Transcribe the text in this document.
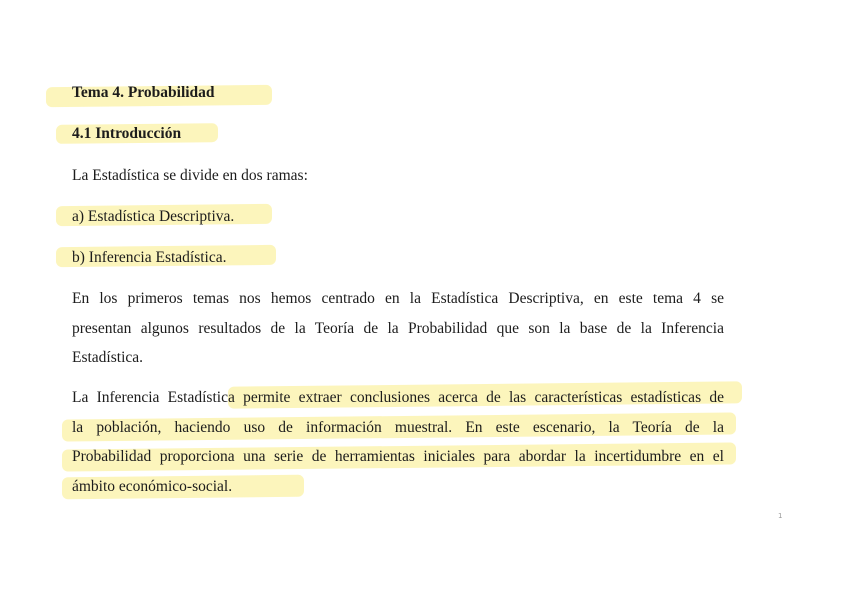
Tema 4. Probabilidad
4.1 Introducción
La Estadística se divide en dos ramas:
a) Estadística Descriptiva.
b) Inferencia Estadística.
En los primeros temas nos hemos centrado en la Estadística Descriptiva, en este tema 4 se
presentan algunos resultados de la Teoría de la Probabilidad que son la base de la Inferencia
Estadística.
La Inferencia Estadística permite extraer conclusiones acerca de las características estadísticas de
la población, haciendo uso de información muestral. En este escenario, la Teoría de la
Probabilidad proporciona una serie de herramientas iniciales para abordar la incertidumbre en el
ámbito económico-social.
1
